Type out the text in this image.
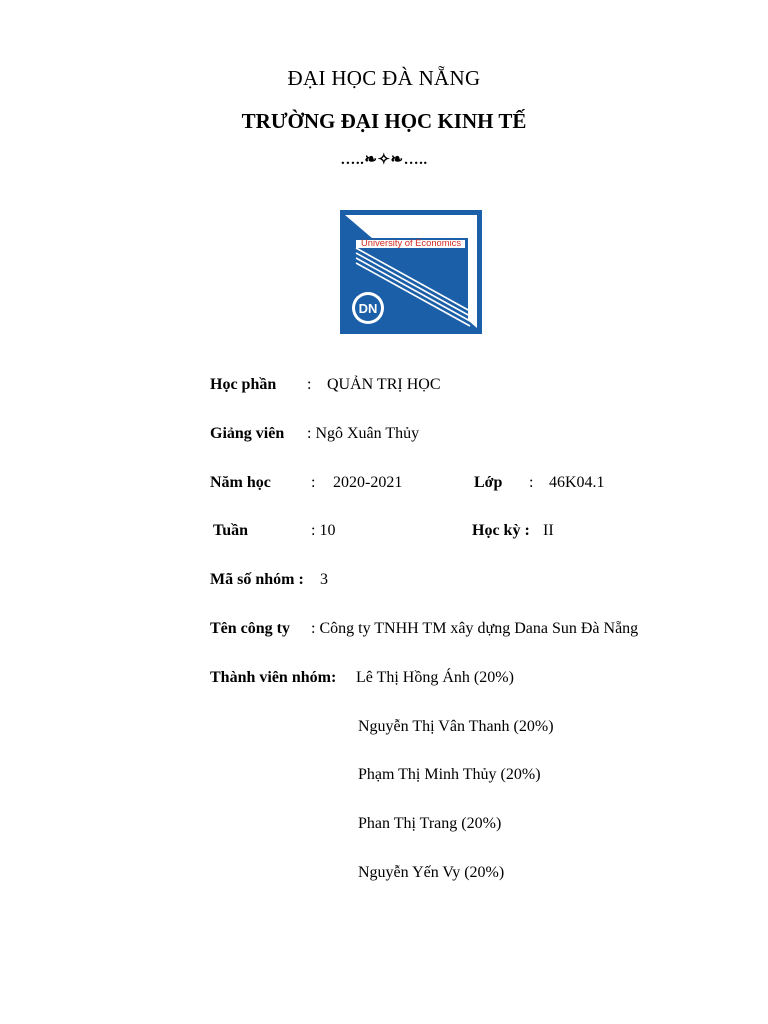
ĐẠI HỌC ĐÀ NẴNG
TRƯỜNG ĐẠI HỌC KINH TẾ
…..❧✧❧…..
University of Economics
DN
Học phần : QUẢN TRỊ HỌC
Giảng viên : Ngô Xuân Thủy
Năm học	: 2020-2021	Lớp : 46K04.1
Tuần	: 10	Học kỳ : II
Mã số nhóm : 3
Tên công ty : Công ty TNHH TM xây dựng Dana Sun Đà Nẵng
Thành viên nhóm: Lê Thị Hồng Ánh (20%)
Nguyễn Thị Vân Thanh (20%)
Phạm Thị Minh Thủy (20%)
Phan Thị Trang (20%)
Nguyễn Yến Vy (20%)
